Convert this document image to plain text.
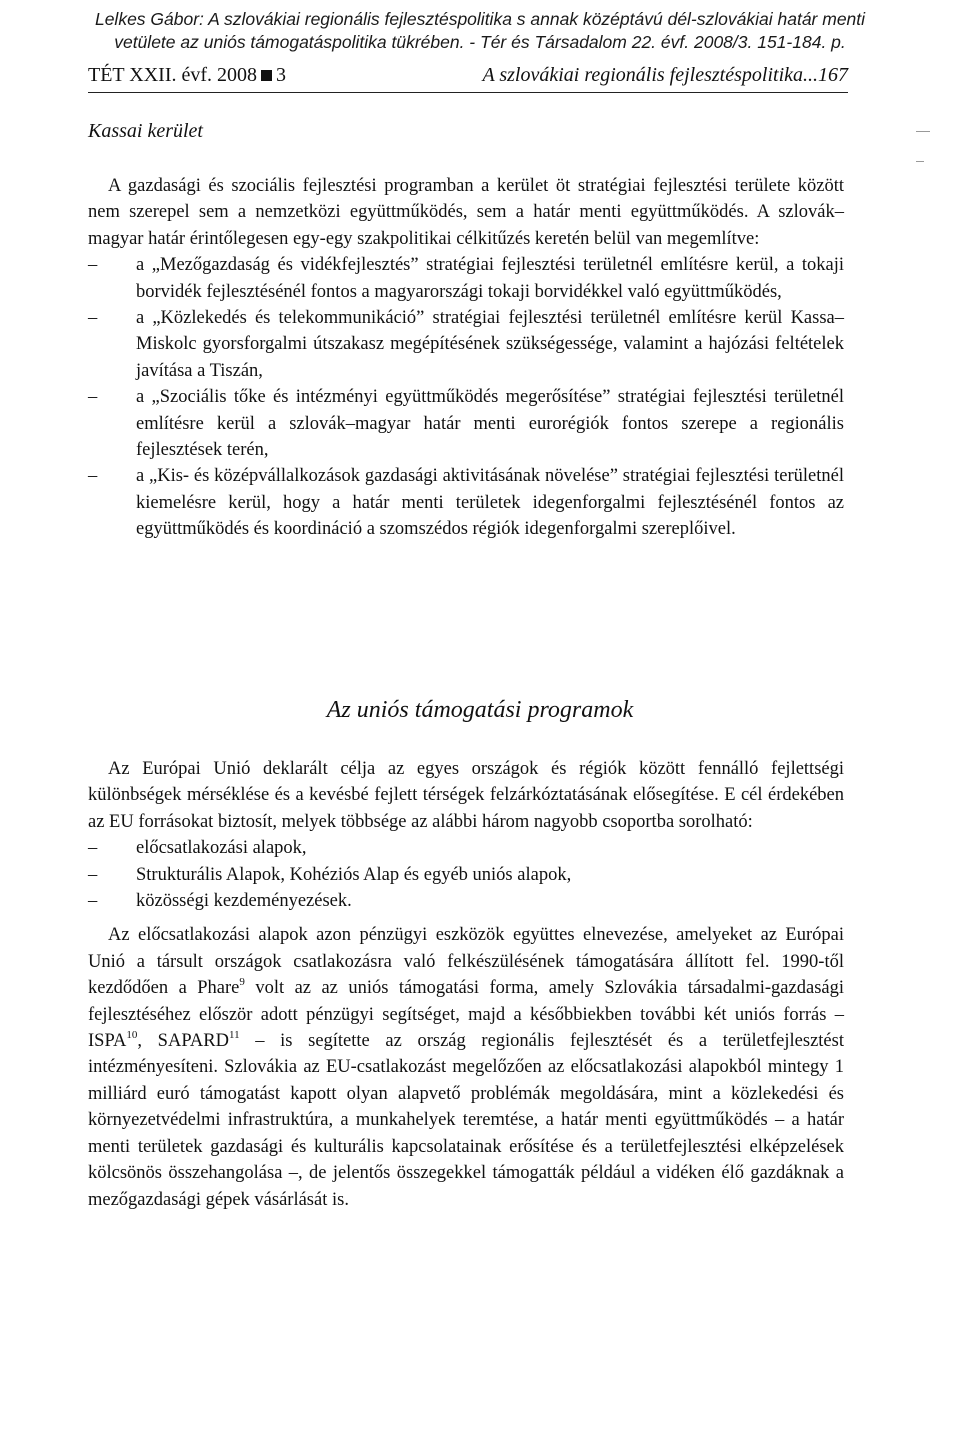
Lelkes Gábor: A szlovákiai regionális fejlesztéspolitika s annak középtávú dél-szlovákiai határ menti
vetülete az uniós támogatáspolitika tükrében. - Tér és Társadalom 22. évf. 2008/3. 151-184. p.
TÉT XXII. évf. 2008 3	A szlovákiai regionális fejlesztéspolitika...167
Kassai kerület

A gazdasági és szociális fejlesztési programban a kerület öt stratégiai fejlesztési területe között nem szerepel sem a nemzetközi együttműködés, sem a határ menti együttműködés. A szlovák–magyar határ érintőlegesen egy-egy szakpolitikai célkitűzés keretén belül van megemlítve:

– a „Mezőgazdaság és vidékfejlesztés” stratégiai fejlesztési területnél említésre kerül, a tokaji borvidék fejlesztésénél fontos a magyarországi tokaji borvidékkel való együttműködés,
– a „Közlekedés és telekommunikáció” stratégiai fejlesztési területnél említésre kerül Kassa–Miskolc gyorsforgalmi útszakasz megépítésének szükségessége, valamint a hajózási feltételek javítása a Tiszán,
– a „Szociális tőke és intézményi együttműködés megerősítése” stratégiai fejlesztési területnél említésre kerül a szlovák–magyar határ menti eurorégiók fontos szerepe a regionális fejlesztések terén,
– a „Kis- és középvállalkozások gazdasági aktivitásának növelése” stratégiai fejlesztési területnél kiemelésre kerül, hogy a határ menti területek idegenforgalmi fejlesztésénél fontos az együttműködés és koordináció a szomszédos régiók idegenforgalmi szereplőivel.
Az uniós támogatási programok

Az Európai Unió deklarált célja az egyes országok és régiók között fennálló fejlettségi különbségek mérséklése és a kevésbé fejlett térségek felzárkóztatásának elősegítése. E cél érdekében az EU forrásokat biztosít, melyek többsége az alábbi három nagyobb csoportba sorolható:

– előcsatlakozási alapok,
– Strukturális Alapok, Kohéziós Alap és egyéb uniós alapok,
– közösségi kezdeményezések.

Az előcsatlakozási alapok azon pénzügyi eszközök együttes elnevezése, amelyeket az Európai Unió a társult országok csatlakozásra való felkészülésének támogatására állított fel. 1990-től kezdődően a Phare$^9$ volt az az uniós támogatási forma, amely Szlovákia társadalmi-gazdasági fejlesztéséhez először adott pénzügyi segítséget, majd a későbbiekben további két uniós forrás – ISPA$^{10}$, SAPARD$^{11}$ – is segítette az ország regionális fejlesztését és a területfejlesztést intézményesíteni. Szlovákia az EU-csatlakozást megelőzően az előcsatlakozási alapokból mintegy 1 milliárd euró támogatást kapott olyan alapvető problémák megoldására, mint a közlekedési és környezetvédelmi infrastruktúra, a munkahelyek teremtése, a határ menti együttműködés – a határ menti területek gazdasági és kulturális kapcsolatainak erősítése és a területfejlesztési elképzelések kölcsönös összehangolása –, de jelentős összegekkel támogatták például a vidéken élő gazdáknak a mezőgazdasági gépek vásárlását is.
